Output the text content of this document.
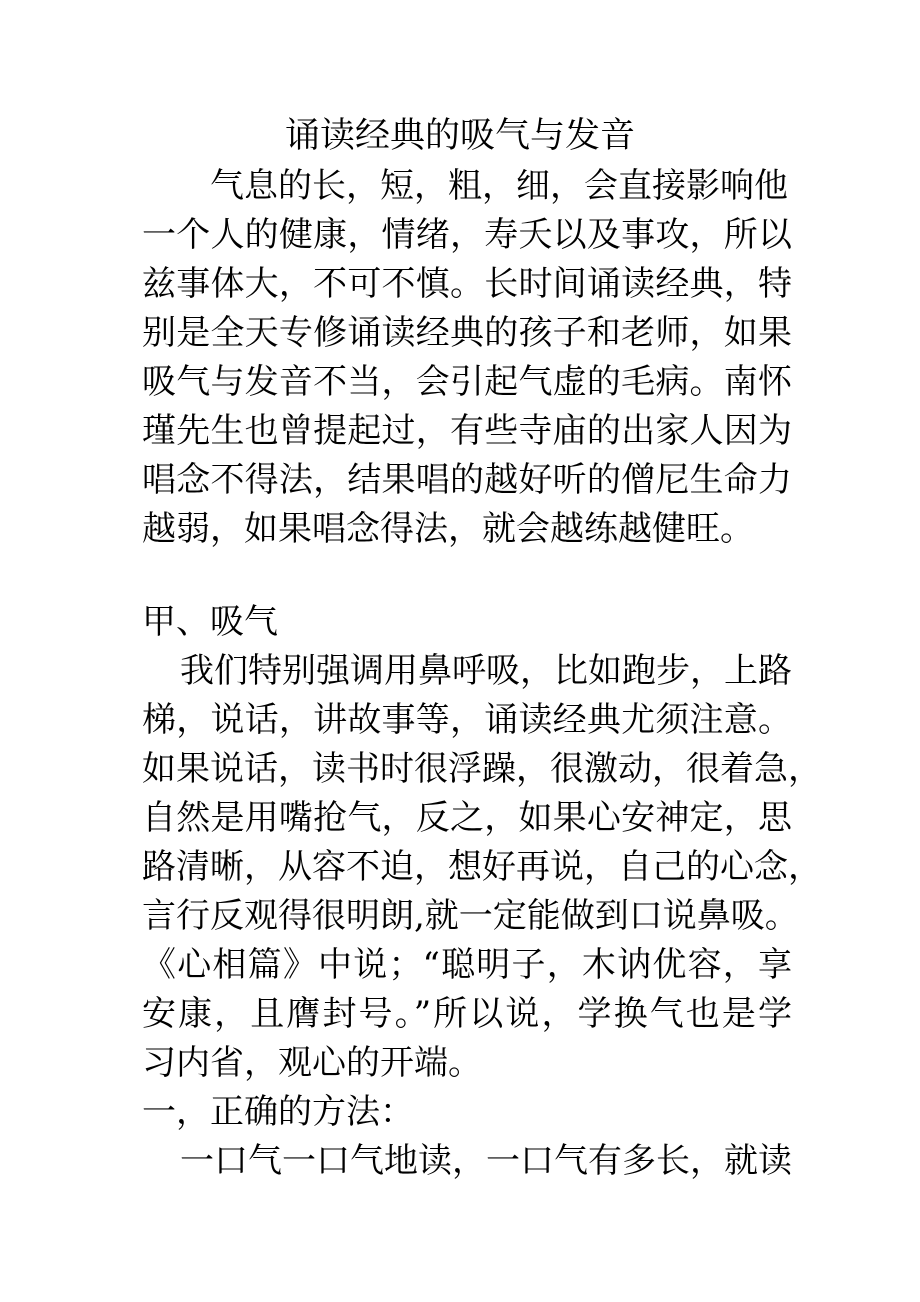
诵读经典的吸气与发音
气息的长，短，粗，细，会直接影响他
一个人的健康，情绪，寿夭以及事攻，所以
兹事体大，不可不慎。长时间诵读经典，特
别是全天专修诵读经典的孩子和老师，如果
吸气与发音不当，会引起气虚的毛病。南怀
瑾先生也曾提起过，有些寺庙的出家人因为
唱念不得法，结果唱的越好听的僧尼生命力
越弱，如果唱念得法，就会越练越健旺。
甲、吸气
我们特别强调用鼻呼吸，比如跑步，上路
梯，说话，讲故事等，诵读经典尤须注意。
如果说话，读书时很浮躁，很激动，很着急，
自然是用嘴抢气，反之，如果心安神定，思
路清晰，从容不迫，想好再说，自己的心念，
言行反观得很明朗,就一定能做到口说鼻吸。
《心相篇》中说；“聪明子，木讷优容，享
安康，且膺封号。”所以说，学换气也是学
习内省，观心的开端。
一，正确的方法：
一口气一口气地读，一口气有多长，就读
